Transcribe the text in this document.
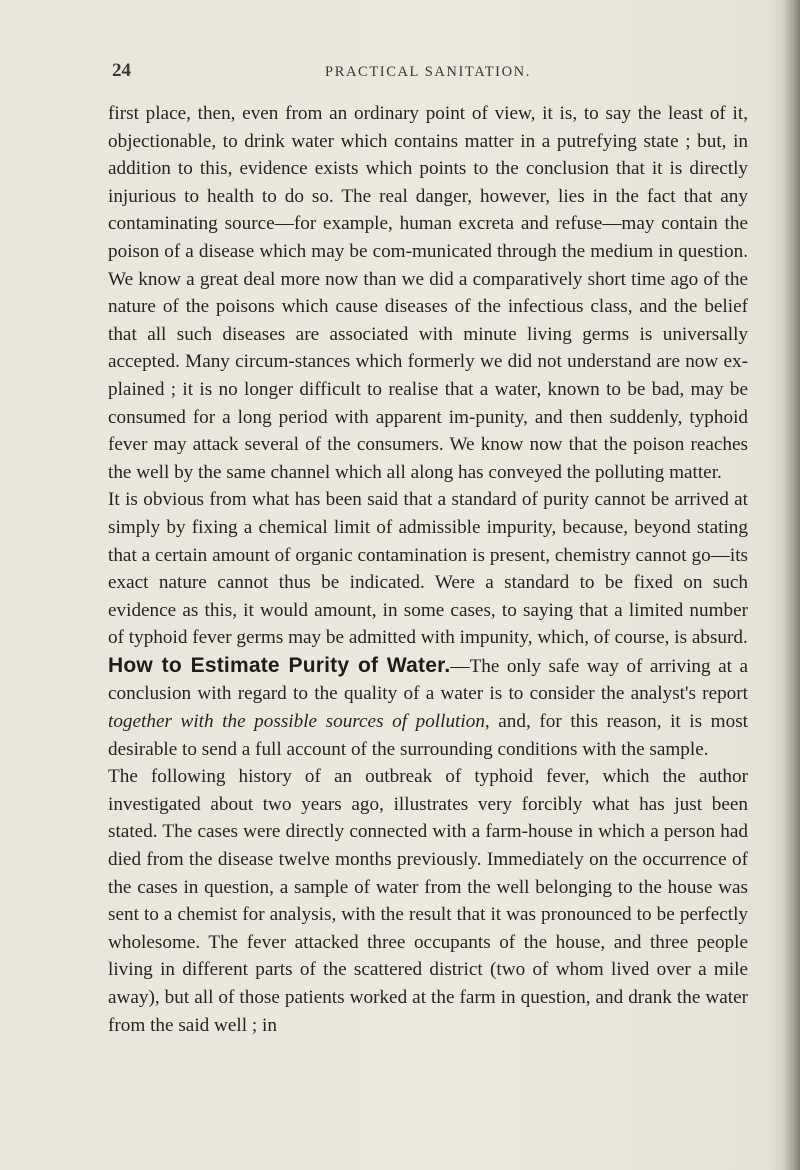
24	PRACTICAL SANITATION.

first place, then, even from an ordinary point of view, it is, to say the least of it, objectionable, to drink water which contains matter in a putrefying state ; but, in addition to this, evidence exists which points to the conclusion that it is directly injurious to health to do so. The real danger, however, lies in the fact that any contaminating source—for example, human excreta and refuse—may contain the poison of a disease which may be com-municated through the medium in question. We know a great deal more now than we did a comparatively short time ago of the nature of the poisons which cause diseases of the infectious class, and the belief that all such diseases are associated with minute living germs is universally accepted. Many circum-stances which formerly we did not understand are now ex-plained ; it is no longer difficult to realise that a water, known to be bad, may be consumed for a long period with apparent im-punity, and then suddenly, typhoid fever may attack several of the consumers. We know now that the poison reaches the well by the same channel which all along has conveyed the polluting matter.

It is obvious from what has been said that a standard of purity cannot be arrived at simply by fixing a chemical limit of admissible impurity, because, beyond stating that a certain amount of organic contamination is present, chemistry cannot go—its exact nature cannot thus be indicated. Were a standard to be fixed on such evidence as this, it would amount, in some cases, to saying that a limited number of typhoid fever germs may be admitted with impunity, which, of course, is absurd.

How to Estimate Purity of Water.—The only safe way of arriving at a conclusion with regard to the quality of a water is to consider the analyst's report together with the possible sources of pollution, and, for this reason, it is most desirable to send a full account of the surrounding conditions with the sample.

The following history of an outbreak of typhoid fever, which the author investigated about two years ago, illustrates very forcibly what has just been stated. The cases were directly connected with a farm-house in which a person had died from the disease twelve months previously. Immediately on the occurrence of the cases in question, a sample of water from the well belonging to the house was sent to a chemist for analysis, with the result that it was pronounced to be perfectly wholesome. The fever attacked three occupants of the house, and three people living in different parts of the scattered district (two of whom lived over a mile away), but all of those patients worked at the farm in question, and drank the water from the said well ; in
